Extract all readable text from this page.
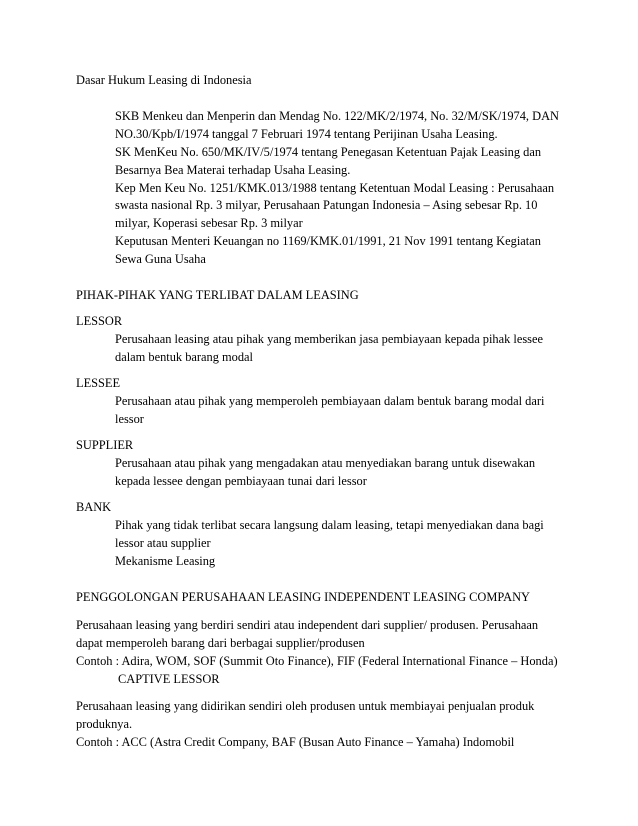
Dasar Hukum Leasing di Indonesia
SKB Menkeu dan Menperin dan Mendag No. 122/MK/2/1974, No. 32/M/SK/1974, DAN
NO.30/Kpb/I/1974 tanggal 7 Februari 1974 tentang Perijinan Usaha Leasing.
SK MenKeu No. 650/MK/IV/5/1974 tentang Penegasan Ketentuan Pajak Leasing dan
Besarnya Bea Materai terhadap Usaha Leasing.
Kep Men Keu No. 1251/KMK.013/1988 tentang Ketentuan Modal Leasing : Perusahaan
swasta nasional Rp. 3 milyar, Perusahaan Patungan Indonesia – Asing sebesar Rp. 10
milyar, Koperasi sebesar Rp. 3 milyar
Keputusan Menteri Keuangan no 1169/KMK.01/1991, 21 Nov 1991 tentang Kegiatan
Sewa Guna Usaha
PIHAK-PIHAK YANG TERLIBAT DALAM LEASING
LESSOR
Perusahaan leasing atau pihak yang memberikan jasa pembiayaan kepada pihak lessee
dalam bentuk barang modal
LESSEE
Perusahaan atau pihak yang memperoleh pembiayaan dalam bentuk barang modal dari
lessor
SUPPLIER
Perusahaan atau pihak yang mengadakan atau menyediakan barang untuk disewakan
kepada lessee dengan pembiayaan tunai dari lessor
BANK
Pihak yang tidak terlibat secara langsung dalam leasing, tetapi menyediakan dana bagi
lessor atau supplier
Mekanisme Leasing
PENGGOLONGAN PERUSAHAAN LEASING INDEPENDENT LEASING COMPANY
Perusahaan leasing yang berdiri sendiri atau independent dari supplier/ produsen. Perusahaan
dapat memperoleh barang dari berbagai supplier/produsen
Contoh : Adira, WOM, SOF (Summit Oto Finance), FIF (Federal International Finance – Honda)
CAPTIVE LESSOR
Perusahaan leasing yang didirikan sendiri oleh produsen untuk membiayai penjualan produk
produknya.
Contoh : ACC (Astra Credit Company, BAF (Busan Auto Finance – Yamaha) Indomobil
